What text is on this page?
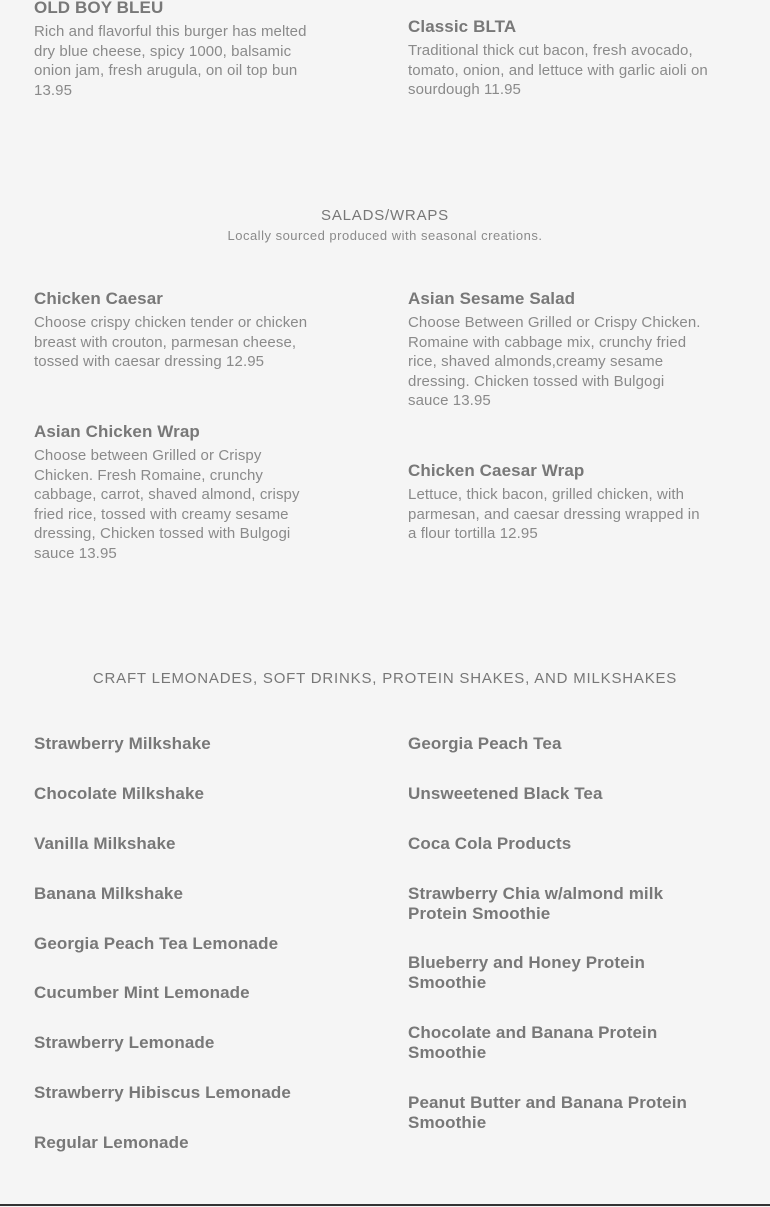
OLD BOY BLEU

Rich and flavorful this burger has melted dry blue cheese, spicy 1000, balsamic onion jam, fresh arugula, on oil top bun 13.95

Classic BLTA

Traditional thick cut bacon, fresh avocado, tomato, onion, and lettuce with garlic aioli on sourdough 11.95

SALADS/WRAPS

Locally sourced produced with seasonal creations.

Chicken Caesar

Choose crispy chicken tender or chicken breast with crouton, parmesan cheese, tossed with caesar dressing 12.95

Asian Chicken Wrap

Choose between Grilled or Crispy Chicken. Fresh Romaine, crunchy cabbage, carrot, shaved almond, crispy fried rice, tossed with creamy sesame dressing, Chicken tossed with Bulgogi sauce 13.95

Asian Sesame Salad

Choose Between Grilled or Crispy Chicken. Romaine with cabbage mix, crunchy fried rice, shaved almonds,creamy sesame dressing. Chicken tossed with Bulgogi sauce 13.95

Chicken Caesar Wrap

Lettuce, thick bacon, grilled chicken, with parmesan, and caesar dressing wrapped in a flour tortilla 12.95

CRAFT LEMONADES, SOFT DRINKS, PROTEIN SHAKES, AND MILKSHAKES

Strawberry Milkshake

Chocolate Milkshake

Vanilla Milkshake

Banana Milkshake

Georgia Peach Tea Lemonade

Cucumber Mint Lemonade

Strawberry Lemonade

Strawberry Hibiscus Lemonade

Regular Lemonade

Georgia Peach Tea

Unsweetened Black Tea

Coca Cola Products

Strawberry Chia w/almond milk Protein Smoothie

Blueberry and Honey Protein Smoothie

Chocolate and Banana Protein Smoothie

Peanut Butter and Banana Protein Smoothie
